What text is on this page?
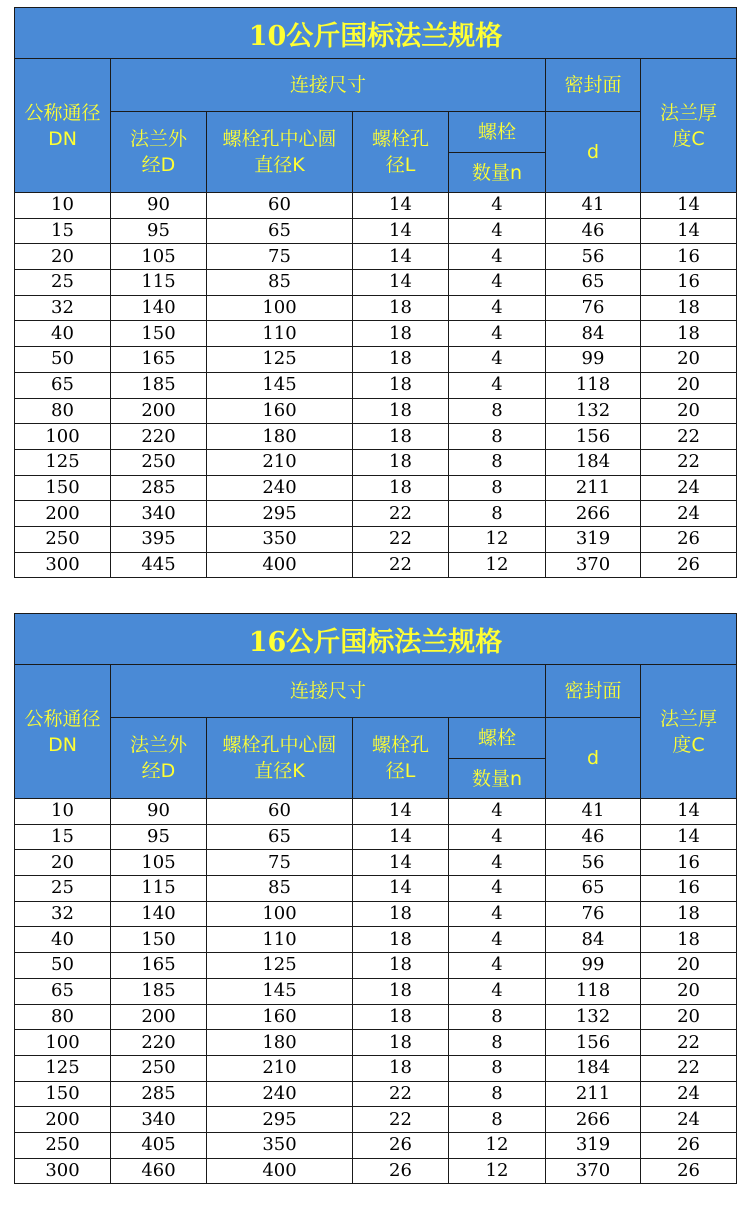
10公斤国标法兰规格						
公称通径DN	连接尺寸				密封面	法兰厚度C
	法兰外经D	螺栓孔中心圆直径K	螺栓孔径L	螺栓	d	
				数量n		
10	90	60	14	4	41	14
15	95	65	14	4	46	14
20	105	75	14	4	56	16
25	115	85	14	4	65	16
32	140	100	18	4	76	18
40	150	110	18	4	84	18
50	165	125	18	4	99	20
65	185	145	18	4	118	20
80	200	160	18	8	132	20
100	220	180	18	8	156	22
125	250	210	18	8	184	22
150	285	240	18	8	211	24
200	340	295	22	8	266	24
250	395	350	22	12	319	26
300	445	400	22	12	370	26
16公斤国标法兰规格						
公称通径DN	连接尺寸				密封面	法兰厚度C
	法兰外经D	螺栓孔中心圆直径K	螺栓孔径L	螺栓	d	
				数量n		
10	90	60	14	4	41	14
15	95	65	14	4	46	14
20	105	75	14	4	56	16
25	115	85	14	4	65	16
32	140	100	18	4	76	18
40	150	110	18	4	84	18
50	165	125	18	4	99	20
65	185	145	18	4	118	20
80	200	160	18	8	132	20
100	220	180	18	8	156	22
125	250	210	18	8	184	22
150	285	240	22	8	211	24
200	340	295	22	8	266	24
250	405	350	26	12	319	26
300	460	400	26	12	370	26
